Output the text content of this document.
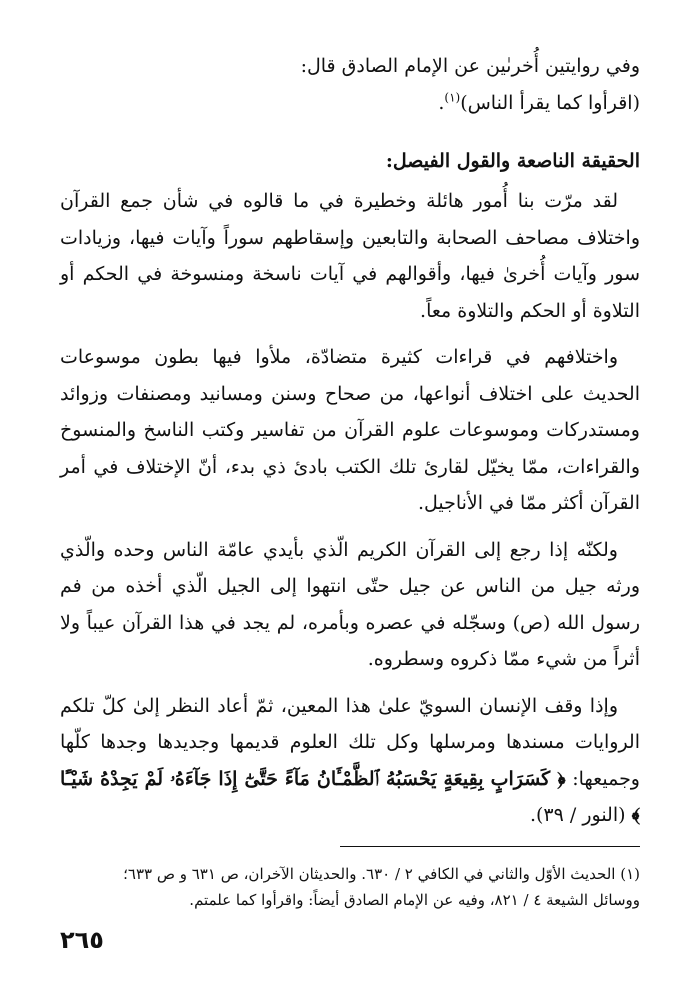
وفي روايتين أُخرىٰين عن الإمام الصادق قال:

(اقرأوا كما يقرأ الناس)$^{(١)}$.

الحقيقة الناصعة والقول الفيصل:

لقد مرّت بنا أُمور هائلة وخطيرة في ما قالوه في شأن جمع القرآن واختلاف مصاحف الصحابة والتابعين وإسقاطهم سوراً وآيات فيها، وزيادات سور وآيات أُخرىٰ فيها، وأقوالهم في آيات ناسخة ومنسوخة في الحكم أو التلاوة أو الحكم والتلاوة معاً.

واختلافهم في قراءات كثيرة متضادّة، ملأوا فيها بطون موسوعات الحديث على اختلاف أنواعها، من صحاح وسنن ومسانيد ومصنفات وزوائد ومستدركات وموسوعات علوم القرآن من تفاسير وكتب الناسخ والمنسوخ والقراءات، ممّا يخيّل لقارئ تلك الكتب بادئ ذي بدء، أنّ الإختلاف في أمر القرآن أكثر ممّا في الأناجيل.

ولكنّه إذا رجع إلى القرآن الكريم الّذي بأيدي عامّة الناس وحده والّذي ورثه جيل من الناس عن جيل حتّى انتهوا إلى الجيل الّذي أخذه من فم رسول الله (ص) وسجّله في عصره وبأمره، لم يجد في هذا القرآن عيباً ولا أثراً من شيء ممّا ذكروه وسطروه.

وإذا وقف الإنسان السويّ علىٰ هذا المعين، ثمّ أعاد النظر إلىٰ كلّ تلكم الروايات مسندها ومرسلها وكل تلك العلوم قديمها وجديدها وجدها كلّها وجميعها: ﴿ كَسَرَابٍ بِقِيعَةٍ يَحْسَبُهُ ٱلظَّمْـَٔانُ مَآءً حَتَّىٰٓ إِذَا جَآءَهُۥ لَمْ يَجِدْهُ شَيْـًٔا ﴾ (النور / ٣٩).

(١) الحديث الأوّل والثاني في الكافي ٢ / ٦٣٠. والحديثان الآخران، ص ٦٣١ و ص ٦٣٣؛

ووسائل الشيعة ٤ / ٨٢١، وفيه عن الإمام الصادق أيضاً: واقرأوا كما علمتم.

٢٦٥
